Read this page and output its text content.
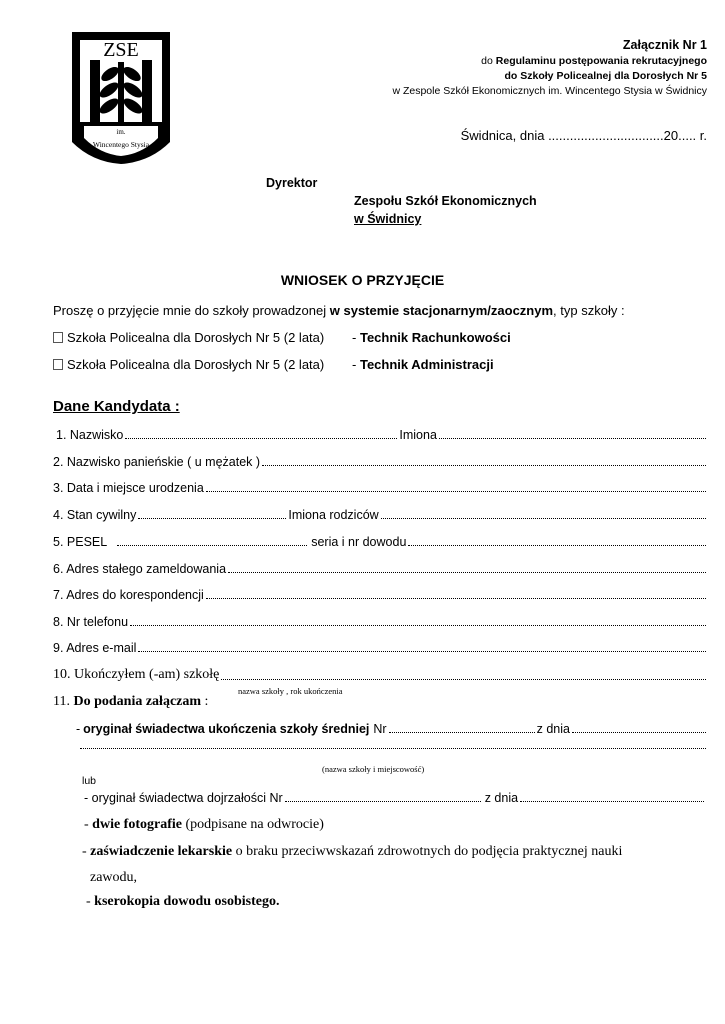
ZSE
im.
Wincentego Stysia
Załącznik Nr 1
do Regulaminu postępowania rekrutacyjnego
do Szkoły Policealnej dla Dorosłych Nr 5
w Zespole Szkół Ekonomicznych im. Wincentego Stysia w Świdnicy
Świdnica, dnia ................................20..... r.
Dyrektor
Zespołu Szkół Ekonomicznych
w Świdnicy
WNIOSEK O PRZYJĘCIE
Proszę o przyjęcie mnie do szkoły prowadzonej w systemie stacjonarnym/zaocznym, typ szkoły :
Szkoła Policealna dla Dorosłych Nr 5 (2 lata) - Technik Rachunkowości
Szkoła Policealna dla Dorosłych Nr 5 (2 lata) - Technik Administracji
Dane Kandydata :
1. Nazwisko	Imiona
2. Nazwisko panieńskie ( u mężatek )
3. Data i miejsce urodzenia
4. Stan cywilny	Imiona rodziców
5. PESEL	seria i nr dowodu
6. Adres stałego zameldowania
7. Adres do korespondencji
8. Nr telefonu
9. Adres e-mail
10. Ukończyłem (-am) szkołę
nazwa szkoły , rok ukończenia
11. Do podania załączam :
- oryginał świadectwa ukończenia szkoły średniej Nr	z dnia
(nazwa szkoły i miejscowość)
lub
- oryginał świadectwa dojrzałości Nr	z dnia
- dwie fotografie (podpisane na odwrocie)
- zaświadczenie lekarskie o braku przeciwwskazań zdrowotnych do podjęcia praktycznej nauki
zawodu,
- kserokopia dowodu osobistego.
